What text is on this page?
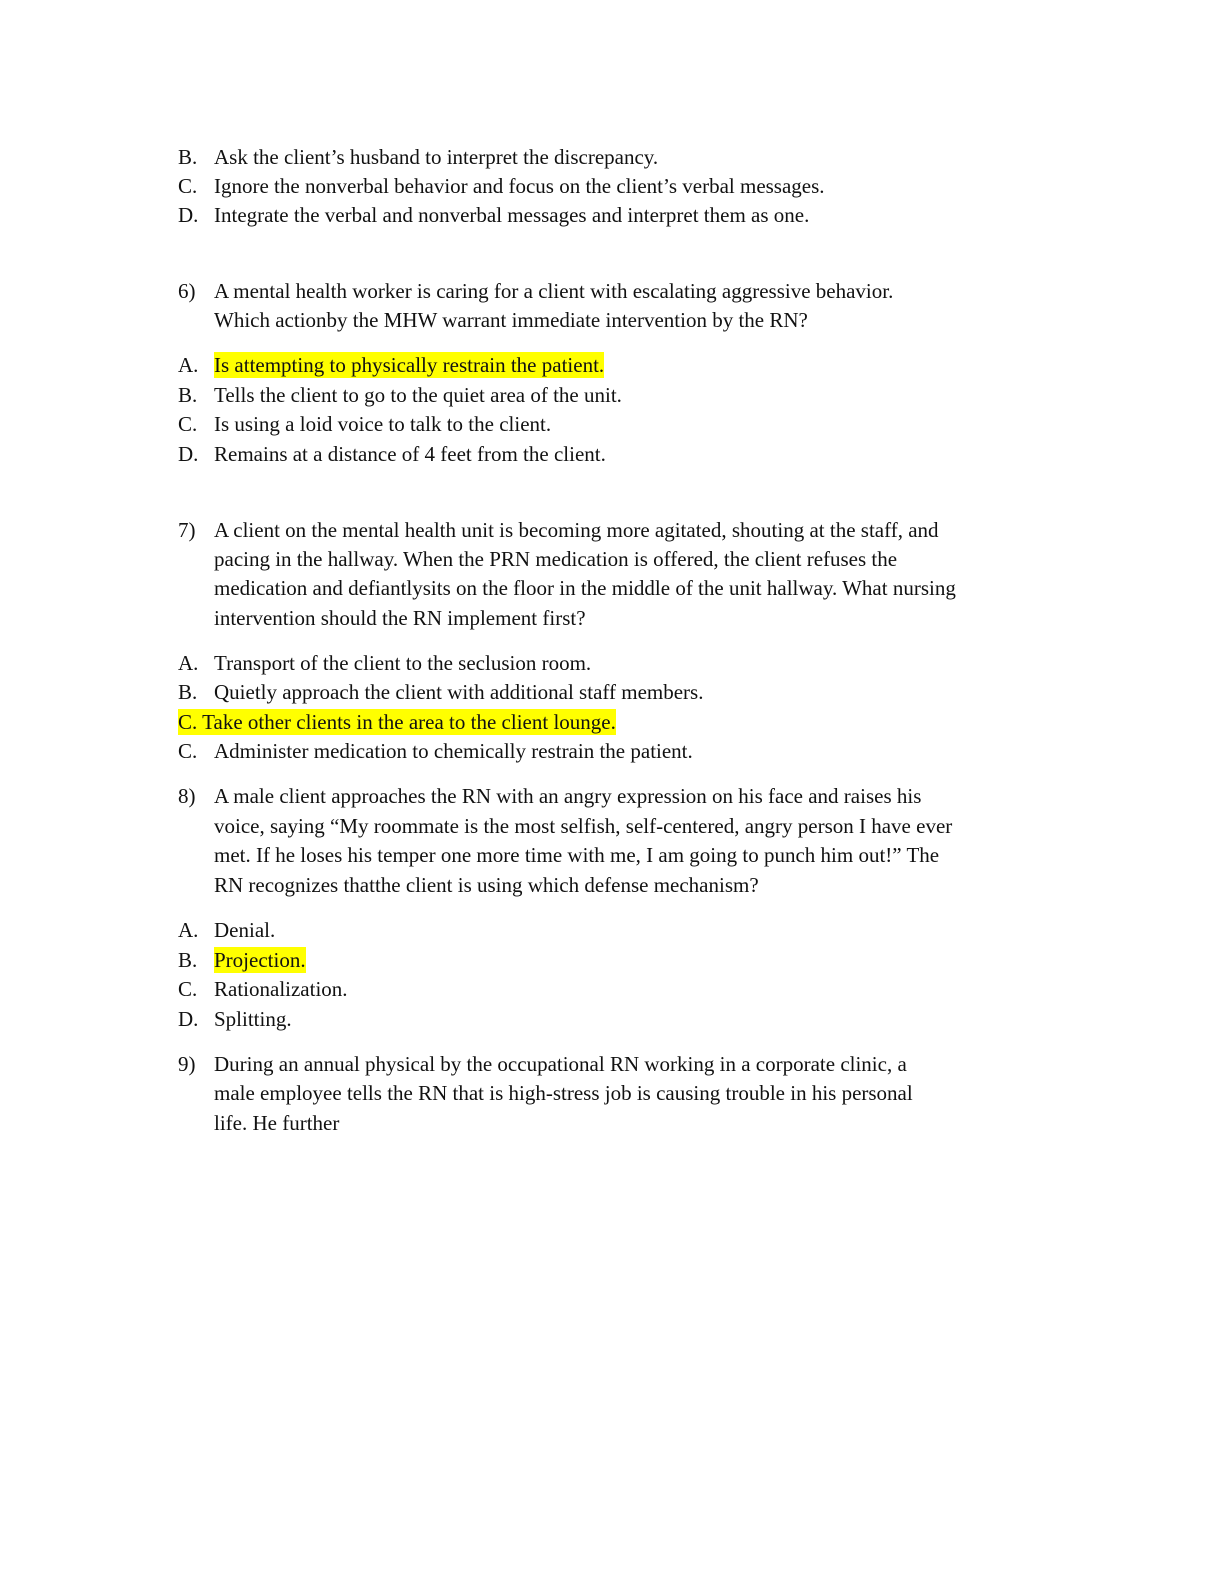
B. Ask the client’s husband to interpret the discrepancy.
C. Ignore the nonverbal behavior and focus on the client’s verbal messages.
D. Integrate the verbal and nonverbal messages and interpret them as one.
6) A mental health worker is caring for a client with escalating aggressive behavior.
Which actionby the MHW warrant immediate intervention by the RN?
A. Is attempting to physically restrain the patient.
B. Tells the client to go to the quiet area of the unit.
C. Is using a loid voice to talk to the client.
D. Remains at a distance of 4 feet from the client.
7) A client on the mental health unit is becoming more agitated, shouting at the staff, and
pacing in the hallway. When the PRN medication is offered, the client refuses the
medication and defiantlysits on the floor in the middle of the unit hallway. What nursing
intervention should the RN implement first?
A. Transport of the client to the seclusion room.
B. Quietly approach the client with additional staff members.
C. Take other clients in the area to the client lounge.
C. Administer medication to chemically restrain the patient.
8) A male client approaches the RN with an angry expression on his face and raises his
voice, saying “My roommate is the most selfish, self-centered, angry person I have ever
met. If he loses his temper one more time with me, I am going to punch him out!” The
RN recognizes thatthe client is using which defense mechanism?
A. Denial.
B. Projection.
C. Rationalization.
D. Splitting.
9) During an annual physical by the occupational RN working in a corporate clinic, a
male employee tells the RN that is high-stress job is causing trouble in his personal
life. He further
